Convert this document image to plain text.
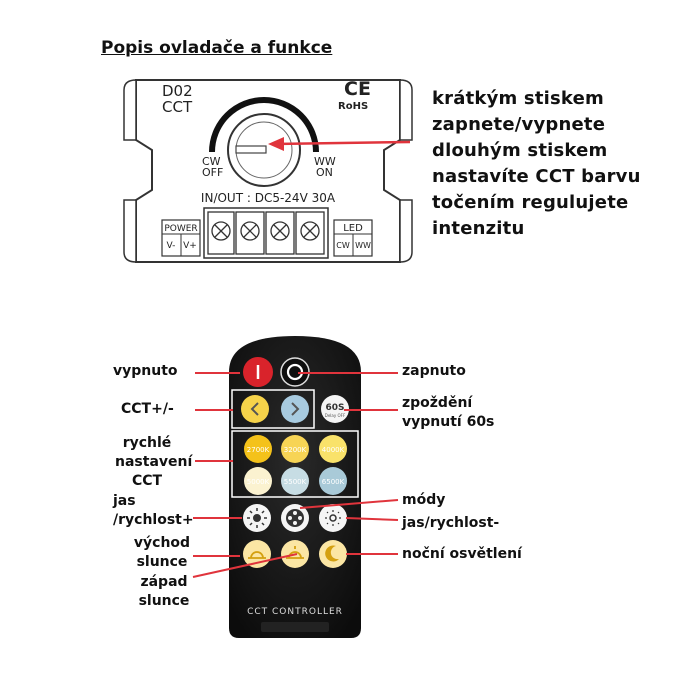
Popis ovladače a funkce
D02
CCT
CE
RoHS
CW
OFF
WW
ON
IN/OUT : DC5-24V 30A
POWER
V- V+
LED
CW WW
krátkým stiskem
zapnete/vypnete
dlouhým stiskem
nastavíte CCT barvu
točením regulujete
intenzitu
60S
Delay OFF
2700K 3200K 4000K
5000K 5500K 6500K
CCT CONTROLLER
vypnuto
CCT+/-
rychlé
nastavení
CCT
jas
/rychlost+
východ
slunce
západ
slunce
zapnuto
zpoždění
vypnutí 60s
módy
jas/rychlost-
noční osvětlení
